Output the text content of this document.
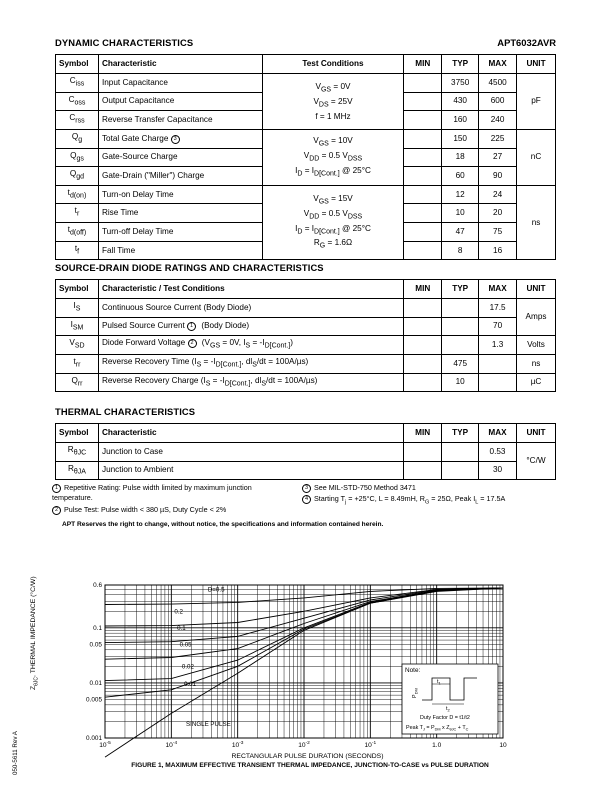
DYNAMIC CHARACTERISTICS	APT6032AVR
Symbol	Characteristic	Test Conditions	MIN	TYP	MAX	UNIT
$C_{iss}$	Input Capacitance	$V_{GS} = 0V$
$V_{DS} = 25V$
f = 1 MHz		3750	4500	pF
$C_{oss}$	Output Capacitance			430	600	
$C_{rss}$	Reverse Transfer Capacitance			160	240	
$Q_g$	Total Gate Charge 3	$V_{GS} = 10V$
$V_{DD} = 0.5$ $V_{DSS}$
$I_D = I_{D[Cont.]}$ @ 25°C		150	225	nC
$Q_{gs}$	Gate-Source Charge			18	27	
$Q_{gd}$	Gate-Drain ("Miller") Charge			60	90	
$t_{d(on)}$	Turn-on Delay Time	$V_{GS} = 15V$
$V_{DD} = 0.5$ $V_{DSS}$
$I_D = I_{D[Cont.]}$ @ 25°C
$R_G = 1.6\Omega$		12	24	ns
$t_r$	Rise Time			10	20	
$t_{d(off)}$	Turn-off Delay Time			47	75	
$t_f$	Fall Time			8	16	
SOURCE-DRAIN DIODE RATINGS AND CHARACTERISTICS
Symbol	Characteristic / Test Conditions	MIN	TYP	MAX	UNIT
$I_S$	Continuous Source Current (Body Diode)			17.5	Amps
$I_{SM}$	Pulsed Source Current 1 (Body Diode)			70	
$V_{SD}$	Diode Forward Voltage 2 ($V_{GS} = 0V$, $I_S = -I_{D[Cont.]}$)			1.3	Volts
$t_{rr}$	Reverse Recovery Time ($I_S = -I_{D[Cont.]}$, $dl_S/dt = 100A/\mu s$)		475		ns
$Q_{rr}$	Reverse Recovery Charge ($I_S = -I_{D[Cont.]}$, $dl_S/dt = 100A/\mu s$)		10		µC
THERMAL CHARACTERISTICS
Symbol	Characteristic	MIN	TYP	MAX	UNIT
$R_{\theta JC}$	Junction to Case			0.53	°C/W
$R_{\theta JA}$	Junction to Ambient			30	
1 Repetitive Rating: Pulse width limited by maximum junction temperature.
2 Pulse Test: Pulse width < 380 µS, Duty Cycle < 2%
3 See MIL-STD-750 Method 3471
4 Starting $T_j = +25^\circ C$, L = 8.49mH, $R_G = 25\Omega$, Peak $I_L = 17.5A$
APT Reserves the right to change, without notice, the specifications and information contained herein.
D=0.5
0.2
0.1
0.05
0.02
0.01
SINGLE PULSE
$10^{-5}$	$10^{-4}$	$10^{-3}$	$10^{-2}$	$10^{-1}$	1.0	10
0.6
0.1
0.05
0.01
0.005
0.001
Note:
$P_{DM}$
$t_1$
$t_2$
Duty Factor D = t1/t2
Peak $T_J = P_{DM}$ x $Z_{\theta JC} + T_C$
RECTANGULAR PULSE DURATION (SECONDS)
FIGURE 1, MAXIMUM EFFECTIVE TRANSIENT THERMAL IMPEDANCE, JUNCTION-TO-CASE vs PULSE DURATION
$Z_{\theta JC}$, THERMAL IMPEDANCE (°C/W)
050-5611 Rev A
